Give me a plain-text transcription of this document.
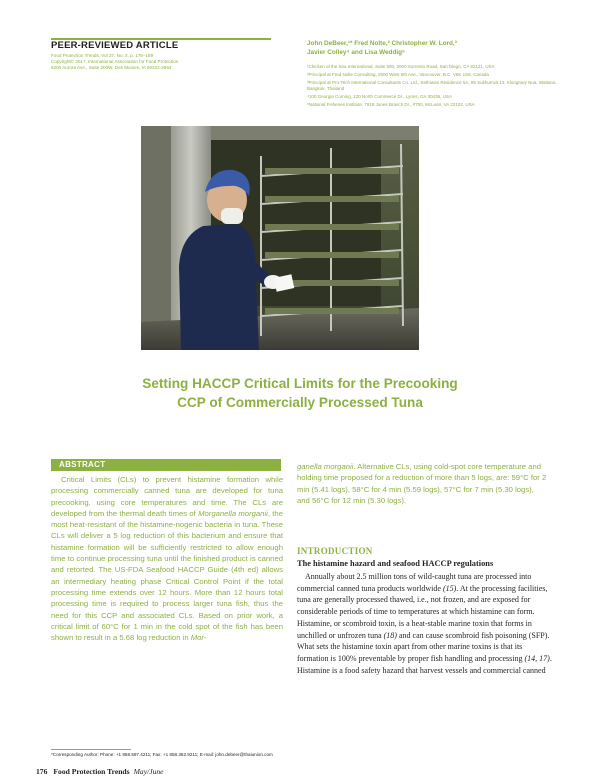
PEER-REVIEWED ARTICLE
Food Protection Trends, Vol 37, No. 3, p. 176–189
Copyright© 2017, International Association for Food Protection
6200 Aurora Ave., Suite 200W, Des Moines, IA 50322-2864
John DeBeer,¹* Fred Nolte,² Christopher W. Lord,³
Javier Colley⁴ and Lisa Weddig⁵
¹Chicken of the Sea International, Suite 500, 2000 Sorrento Road, San Diego, CA 92121, USA
²Principal at Fred Nolte Consulting, 2500 West 5th Ave., Vancouver, B.C. V6K 1S9, Canada
³Principal at Pro-Tech International Consultants Co. Ltd., Sethiwan Residence 5A, 85 Sukhumvit 13, Klongtoey Nua, Wattana, Bangkok, Thailand
⁴100 Georgia Corning, 120 North Commerce Dr., Lyons, GA 30436, USA
⁵National Fisheries Institute, 7918 Jones Branch Dr., #700, McLean, VA 22102, USA
Setting HACCP Critical Limits for the Precooking
CCP of Commercially Processed Tuna
ABSTRACT

Critical Limits (CLs) to prevent histamine formation while processing commercially canned tuna are developed for tuna precooking, using core temperatures and time. The CLs are developed from the thermal death times of Morganella morganii, the most heat-resistant of the histamine-nogenic bacteria in tuna. These CLs will deliver a 5 log reduction of this bacterium and ensure that histamine formation will be sufficiently restricted to allow enough time to continue processing tuna until the finished product is canned and retorted. The US-FDA Seafood HACCP Guide (4th ed) allows an intermediary heating phase Critical Control Point if the total processing time extends over 12 hours. More than 12 hours total processing time is required to process larger tuna fish, thus the need for this CCP and associated CLs. Based on prior work, a critical limit of 60°C for 1 min in the cold spot of the fish has been shown to result in a 5.68 log reduction in Mor-

ganella morganii. Alternative CLs, using cold-spot core temperature and holding time proposed for a reduction of more than 5 logs, are: 59°C for 2 min (5.41 logs), 58°C for 4 min (5.59 logs), 57°C for 7 min (5.30 logs), and 56°C for 12 min (5.30 logs).

INTRODUCTION
The histamine hazard and seafood HACCP regulations

Annually about 2.5 million tons of wild-caught tuna are processed into commercial canned tuna products worldwide (15). At the processing facilities, tuna are generally processed thawed, i.e., not frozen, and are exposed for considerable periods of time to temperatures at which histamine can form. Histamine, or scombroid toxin, is a heat-stable marine toxin that forms in unchilled or unfrozen tuna (18) and can cause scombroid fish poisoning (SFP). What sets the histamine toxin apart from other marine toxins is that its formation is 100% preventable by proper fish handling and processing (14, 17). Histamine is a food safety hazard that harvest vessels and commercial canned

*Corresponding Author: Phone: +1 858.597.4211; Fax: +1 858.362.9211; E-mail: john.debeer@thaiunion.com
176 Food Protection Trends May/June
